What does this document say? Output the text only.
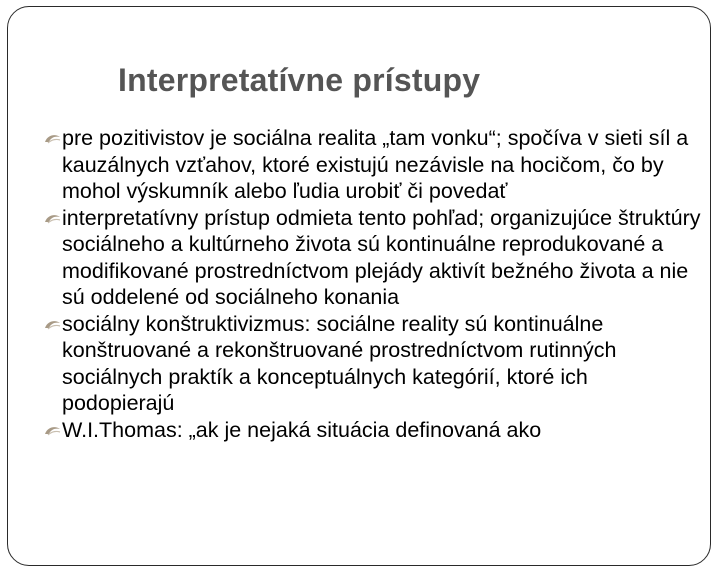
Interpretatívne prístupy
pre pozitivistov je sociálna realita „tam vonku“; spočíva v sieti síl a kauzálnych vzťahov, ktoré existujú nezávisle na hocičom, čo by mohol výskumník alebo ľudia urobiť či povedať
interpretatívny prístup odmieta tento pohľad; organizujúce štruktúry sociálneho a kultúrneho života sú kontinuálne reprodukované a modifikované prostredníctvom plejády aktivít bežného života a nie sú oddelené od sociálneho konania
sociálny konštruktivizmus: sociálne reality sú kontinuálne konštruované a rekonštruované prostredníctvom rutinných sociálnych praktík a konceptuálnych kategórií, ktoré ich podopierajú
W.I.Thomas: „ak je nejaká situácia definovaná ako
